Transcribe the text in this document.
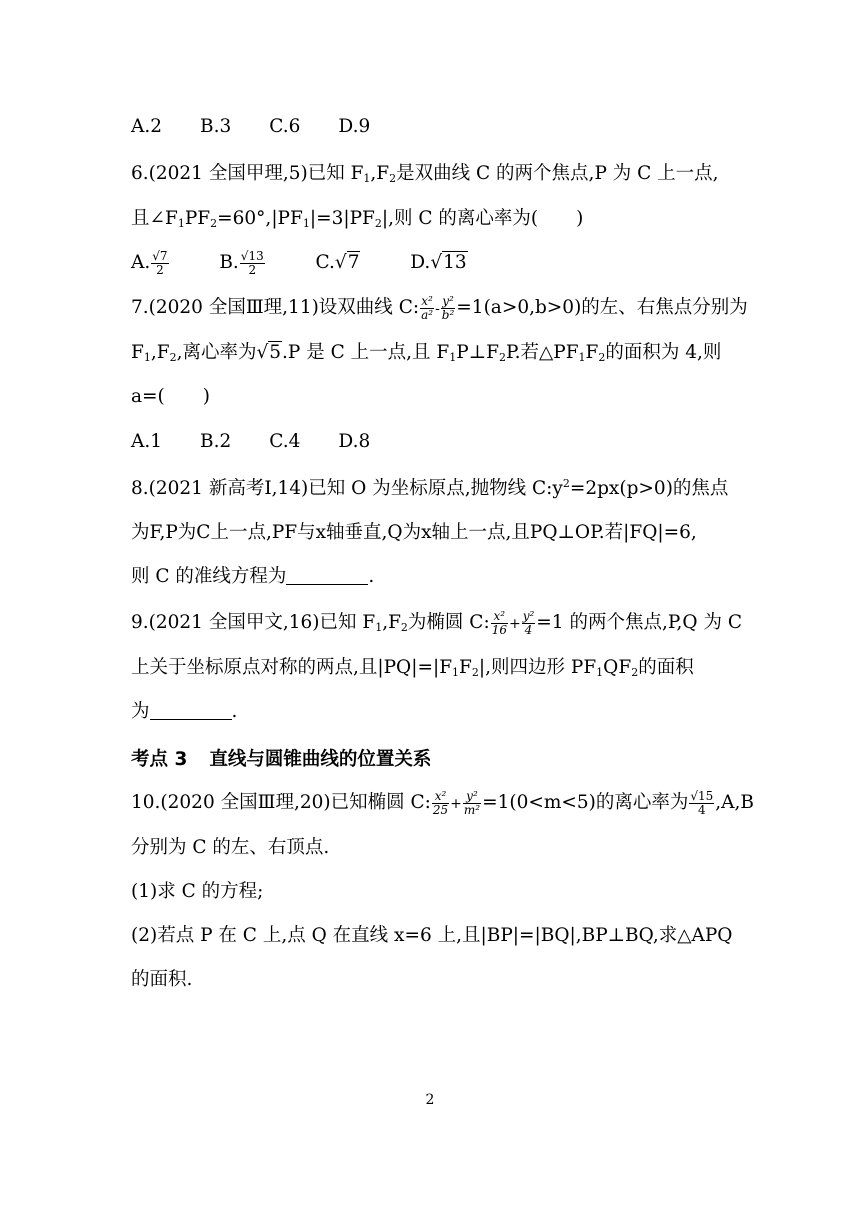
A.2 B.3 C.6 D.9
6.(2021 全国甲理,5)已知 $F_1,F_2$是双曲线 C 的两个焦点,P 为 C 上一点,
且$\angle F_1PF_2=60^\circ,|PF_1|=3|PF_2|$,则 C 的离心率为( )
A. $\frac{√7}{2}$	B. $\frac{√13}{2}$	C.√7	D.√13
7.(2020 全国Ⅲ理,11)设双曲线 C: $\frac{\text{x²}}{\text{a²}} - \frac{\text{y²}}{\text{b²}} =1(a>0,b>0)$的左、右焦点分别为
$F_1,F_2$,离心率为√5.P 是 C 上一点,且 $F_1P\perp F_2P$.若$\triangle PF_1F_2$的面积为 4,则
a=( )
A.1 B.2 C.4 D.8
8.(2021 新高考Ⅰ,14)已知 O 为坐标原点,抛物线 $C:y^2=2px(p>0)$的焦点
为F,P为C上一点,PF与x轴垂直,Q为x轴上一点,且PQ⊥OP.若|FQ|=6,
则 C 的准线方程为	.
9.(2021 全国甲文,16)已知 $F_1,F_2$为椭圆 C: $\frac{\text{x²}}{16} + \frac{\text{y²}}{4} =1$ 的两个焦点,P,Q 为 C
上关于坐标原点对称的两点,且$|PQ|=|F_1F_2|$,则四边形 $PF_1QF_2$的面积
为	.
考点 3 直线与圆锥曲线的位置关系
10.(2020 全国Ⅲ理,20)已知椭圆 C: $\frac{\text{x²}}{25} + \frac{\text{y²}}{\text{m²}} =1(0<m<5)$的离心率为 $\frac{√15}{4} ,A,B$
分别为 C 的左、右顶点.
(1)求 C 的方程;
(2)若点 P 在 C 上,点 Q 在直线 x=6 上,且|BP|=|BQ|,BP⊥BQ,求△APQ
的面积.
2
